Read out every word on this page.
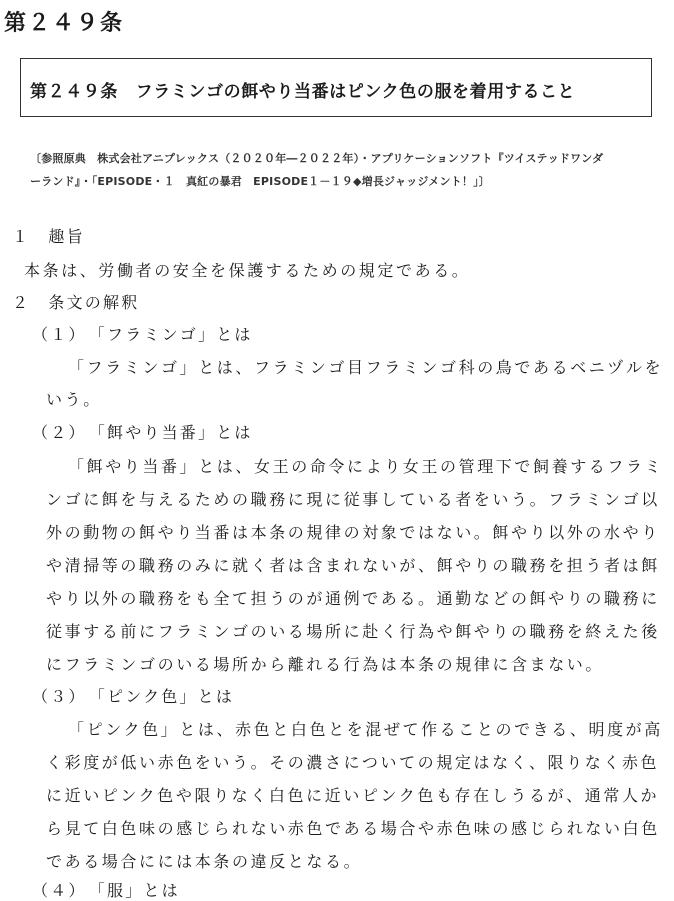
第２４９条
第２４９条　フラミンゴの餌やり当番はピンク色の服を着用すること
〔参照原典　株式会社アニプレックス（２０２０年―２０２２年）・アプリケーションソフト『ツイステッドワンダ
ーランド』・「EPISODE・１　真紅の暴君　EPISODE１－１９◆増長ジャッジメント！」〕
１　趣旨
本条は、労働者の安全を保護するための規定である。
２　条文の解釈
（１）　「フラミンゴ」とは
「フラミンゴ」とは、フラミンゴ目フラミンゴ科の鳥であるベニヅルを
いう。
（２）　「餌やり当番」とは
「餌やり当番」とは、女王の命令により女王の管理下で飼養するフラミ
ンゴに餌を与えるための職務に現に従事している者をいう。フラミンゴ以
外の動物の餌やり当番は本条の規律の対象ではない。餌やり以外の水やり
や清掃等の職務のみに就く者は含まれないが、餌やりの職務を担う者は餌
やり以外の職務をも全て担うのが通例である。通勤などの餌やりの職務に
従事する前にフラミンゴのいる場所に赴く行為や餌やりの職務を終えた後
にフラミンゴのいる場所から離れる行為は本条の規律に含まない。
（３）　「ピンク色」とは
「ピンク色」とは、赤色と白色とを混ぜて作ることのできる、明度が高
く彩度が低い赤色をいう。その濃さについての規定はなく、限りなく赤色
に近いピンク色や限りなく白色に近いピンク色も存在しうるが、通常人か
ら見て白色味の感じられない赤色である場合や赤色味の感じられない白色
である場合にには本条の違反となる。
（４）　「服」とは
